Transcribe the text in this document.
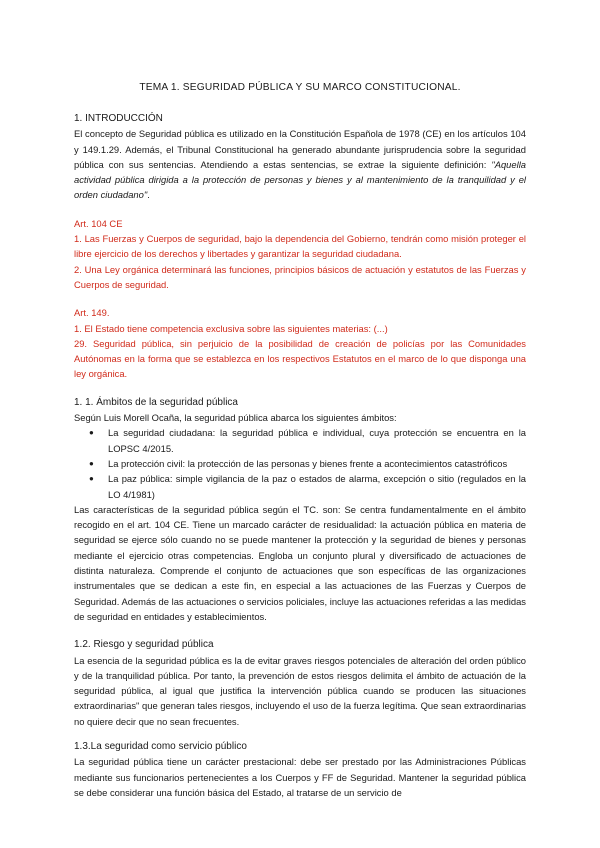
TEMA 1. SEGURIDAD PÚBLICA Y SU MARCO CONSTITUCIONAL.

1. INTRODUCCIÓN

El concepto de Seguridad pública es utilizado en la Constitución Española de 1978 (CE) en los artículos 104 y 149.1.29. Además, el Tribunal Constitucional ha generado abundante jurisprudencia sobre la seguridad pública con sus sentencias. Atendiendo a estas sentencias, se extrae la siguiente definición: "Aquella actividad pública dirigida a la protección de personas y bienes y al mantenimiento de la tranquilidad y el orden ciudadano".

Art. 104 CE

1. Las Fuerzas y Cuerpos de seguridad, bajo la dependencia del Gobierno, tendrán como misión proteger el libre ejercicio de los derechos y libertades y garantizar la seguridad ciudadana.

2. Una Ley orgánica determinará las funciones, principios básicos de actuación y estatutos de las Fuerzas y Cuerpos de seguridad.

Art. 149.

1. El Estado tiene competencia exclusiva sobre las siguientes materias: (...)

29. Seguridad pública, sin perjuicio de la posibilidad de creación de policías por las Comunidades Autónomas en la forma que se establezca en los respectivos Estatutos en el marco de lo que disponga una ley orgánica.

1. 1. Ámbitos de la seguridad pública

Según Luis Morell Ocaña, la seguridad pública abarca los siguientes ámbitos:

● La seguridad ciudadana: la seguridad pública e individual, cuya protección se encuentra en la LOPSC 4/2015.
● La protección civil: la protección de las personas y bienes frente a acontecimientos catastróficos
● La paz pública: simple vigilancia de la paz o estados de alarma, excepción o sitio (regulados en la LO 4/1981)

Las características de la seguridad pública según el TC. son: Se centra fundamentalmente en el ámbito recogido en el art. 104 CE. Tiene un marcado carácter de residualidad: la actuación pública en materia de seguridad se ejerce sólo cuando no se puede mantener la protección y la seguridad de bienes y personas mediante el ejercicio otras competencias. Engloba un conjunto plural y diversificado de actuaciones de distinta naturaleza. Comprende el conjunto de actuaciones que son específicas de las organizaciones instrumentales que se dedican a este fin, en especial a las actuaciones de las Fuerzas y Cuerpos de Seguridad. Además de las actuaciones o servicios policiales, incluye las actuaciones referidas a las medidas de seguridad en entidades y establecimientos.

1.2. Riesgo y seguridad pública

La esencia de la seguridad pública es la de evitar graves riesgos potenciales de alteración del orden público y de la tranquilidad pública. Por tanto, la prevención de estos riesgos delimita el ámbito de actuación de la seguridad pública, al igual que justifica la intervención pública cuando se producen las situaciones extraordinarias" que generan tales riesgos, incluyendo el uso de la fuerza legítima. Que sean extraordinarias no quiere decir que no sean frecuentes.

1.3.La seguridad como servicio público

La seguridad pública tiene un carácter prestacional: debe ser prestado por las Administraciones Públicas mediante sus funcionarios pertenecientes a los Cuerpos y FF de Seguridad. Mantener la seguridad pública se debe considerar una función básica del Estado, al tratarse de un servicio de
